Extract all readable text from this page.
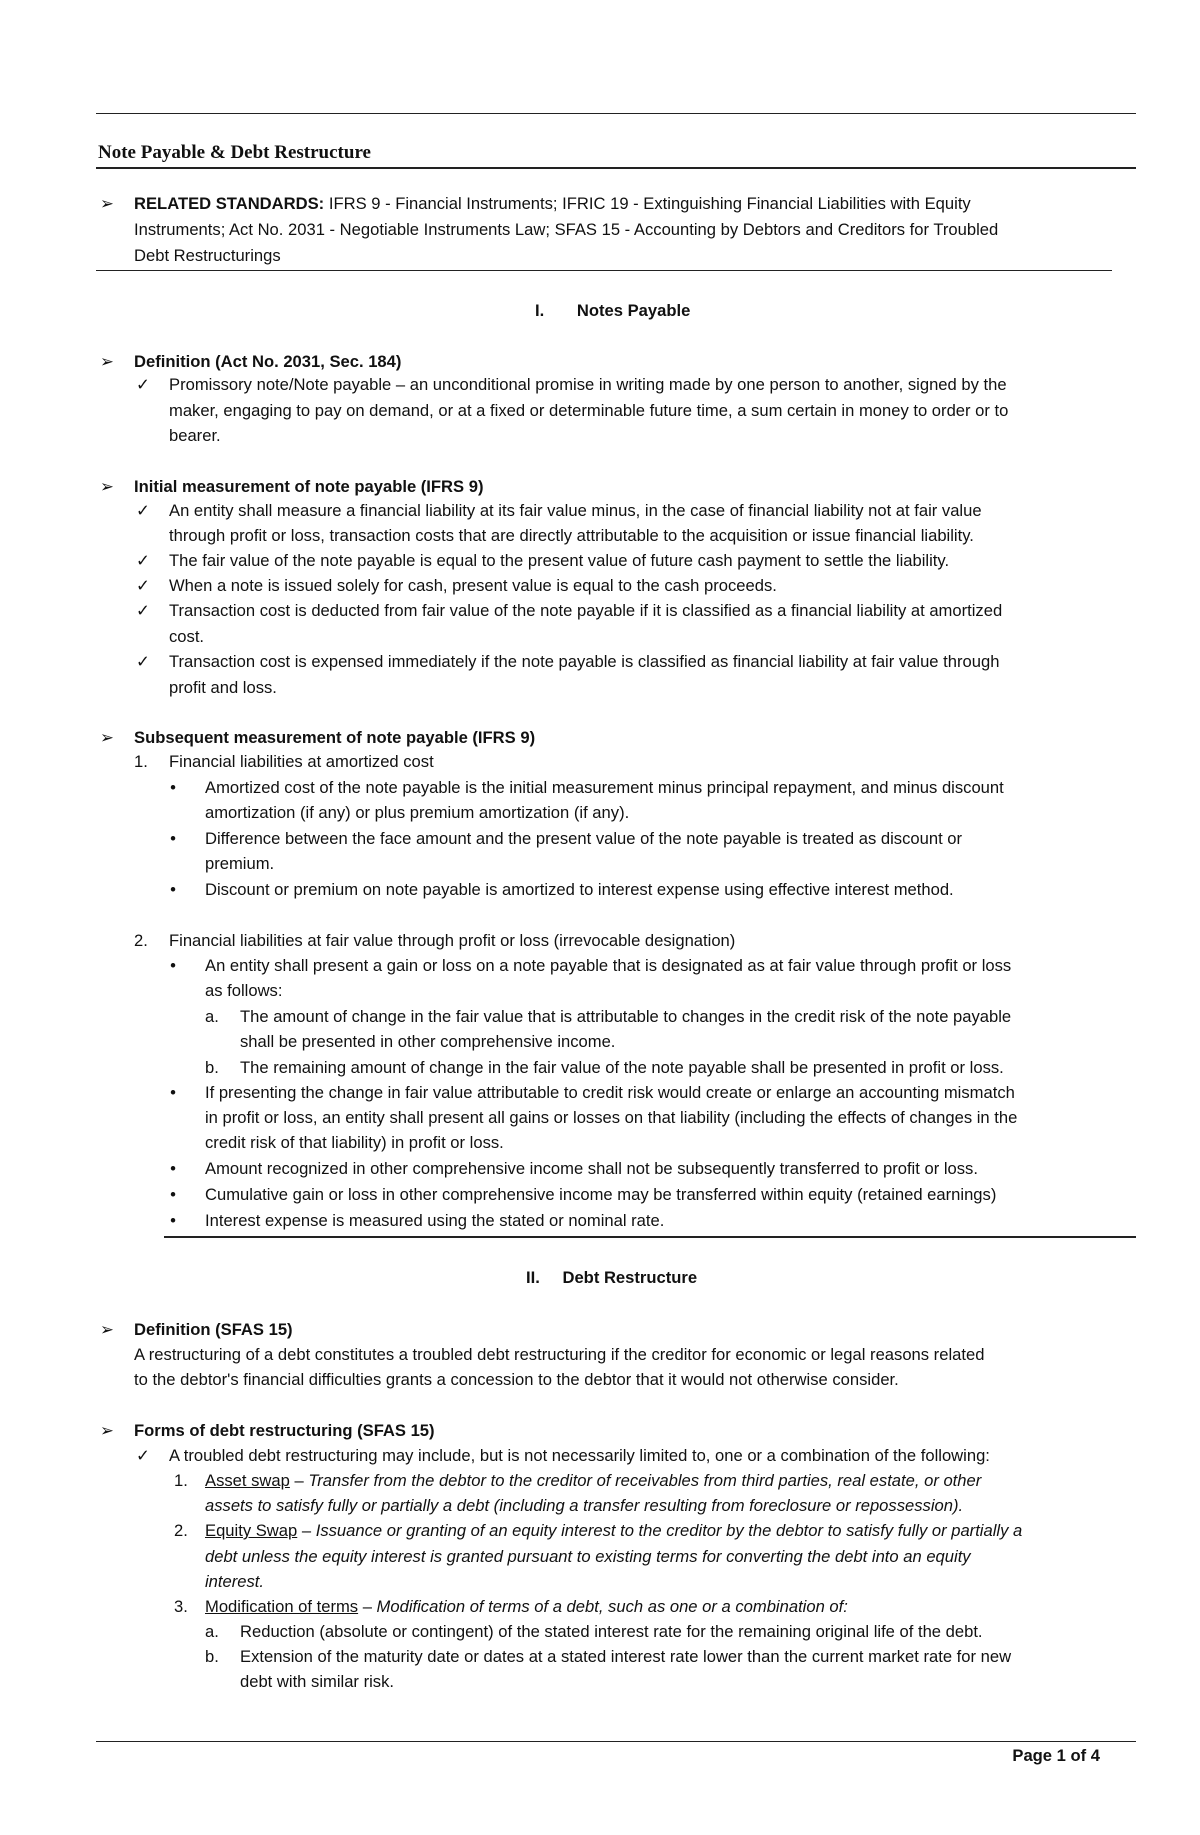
Note Payable & Debt Restructure
➢ RELATED STANDARDS: IFRS 9 - Financial Instruments; IFRIC 19 - Extinguishing Financial Liabilities with Equity
Instruments; Act No. 2031 - Negotiable Instruments Law; SFAS 15 - Accounting by Debtors and Creditors for Troubled
Debt Restructurings
I. Notes Payable
➢ Definition (Act No. 2031, Sec. 184)
✓ Promissory note/Note payable – an unconditional promise in writing made by one person to another, signed by the
maker, engaging to pay on demand, or at a fixed or determinable future time, a sum certain in money to order or to
bearer.
➢ Initial measurement of note payable (IFRS 9)
✓ An entity shall measure a financial liability at its fair value minus, in the case of financial liability not at fair value
through profit or loss, transaction costs that are directly attributable to the acquisition or issue financial liability.
✓ The fair value of the note payable is equal to the present value of future cash payment to settle the liability.
✓ When a note is issued solely for cash, present value is equal to the cash proceeds.
✓ Transaction cost is deducted from fair value of the note payable if it is classified as a financial liability at amortized
cost.
✓ Transaction cost is expensed immediately if the note payable is classified as financial liability at fair value through
profit and loss.
➢ Subsequent measurement of note payable (IFRS 9)
1. Financial liabilities at amortized cost
•	Amortized cost of the note payable is the initial measurement minus principal repayment, and minus discount
amortization (if any) or plus premium amortization (if any).
•	Difference between the face amount and the present value of the note payable is treated as discount or
premium.
•	Discount or premium on note payable is amortized to interest expense using effective interest method.
2. Financial liabilities at fair value through profit or loss (irrevocable designation)
•	An entity shall present a gain or loss on a note payable that is designated as at fair value through profit or loss
as follows:
a. The amount of change in the fair value that is attributable to changes in the credit risk of the note payable
shall be presented in other comprehensive income.
b. The remaining amount of change in the fair value of the note payable shall be presented in profit or loss.
•	If presenting the change in fair value attributable to credit risk would create or enlarge an accounting mismatch
in profit or loss, an entity shall present all gains or losses on that liability (including the effects of changes in the
credit risk of that liability) in profit or loss.
•	Amount recognized in other comprehensive income shall not be subsequently transferred to profit or loss.
•	Cumulative gain or loss in other comprehensive income may be transferred within equity (retained earnings)
•	Interest expense is measured using the stated or nominal rate.
II. Debt Restructure
➢ Definition (SFAS 15)
A restructuring of a debt constitutes a troubled debt restructuring if the creditor for economic or legal reasons related
to the debtor's financial difficulties grants a concession to the debtor that it would not otherwise consider.
➢ Forms of debt restructuring (SFAS 15)
✓ A troubled debt restructuring may include, but is not necessarily limited to, one or a combination of the following:
1. Asset swap – Transfer from the debtor to the creditor of receivables from third parties, real estate, or other
assets to satisfy fully or partially a debt (including a transfer resulting from foreclosure or repossession).
2. Equity Swap – Issuance or granting of an equity interest to the creditor by the debtor to satisfy fully or partially a
debt unless the equity interest is granted pursuant to existing terms for converting the debt into an equity
interest.
3. Modification of terms – Modification of terms of a debt, such as one or a combination of:
a. Reduction (absolute or contingent) of the stated interest rate for the remaining original life of the debt.
b. Extension of the maturity date or dates at a stated interest rate lower than the current market rate for new
debt with similar risk.
Page 1 of 4
